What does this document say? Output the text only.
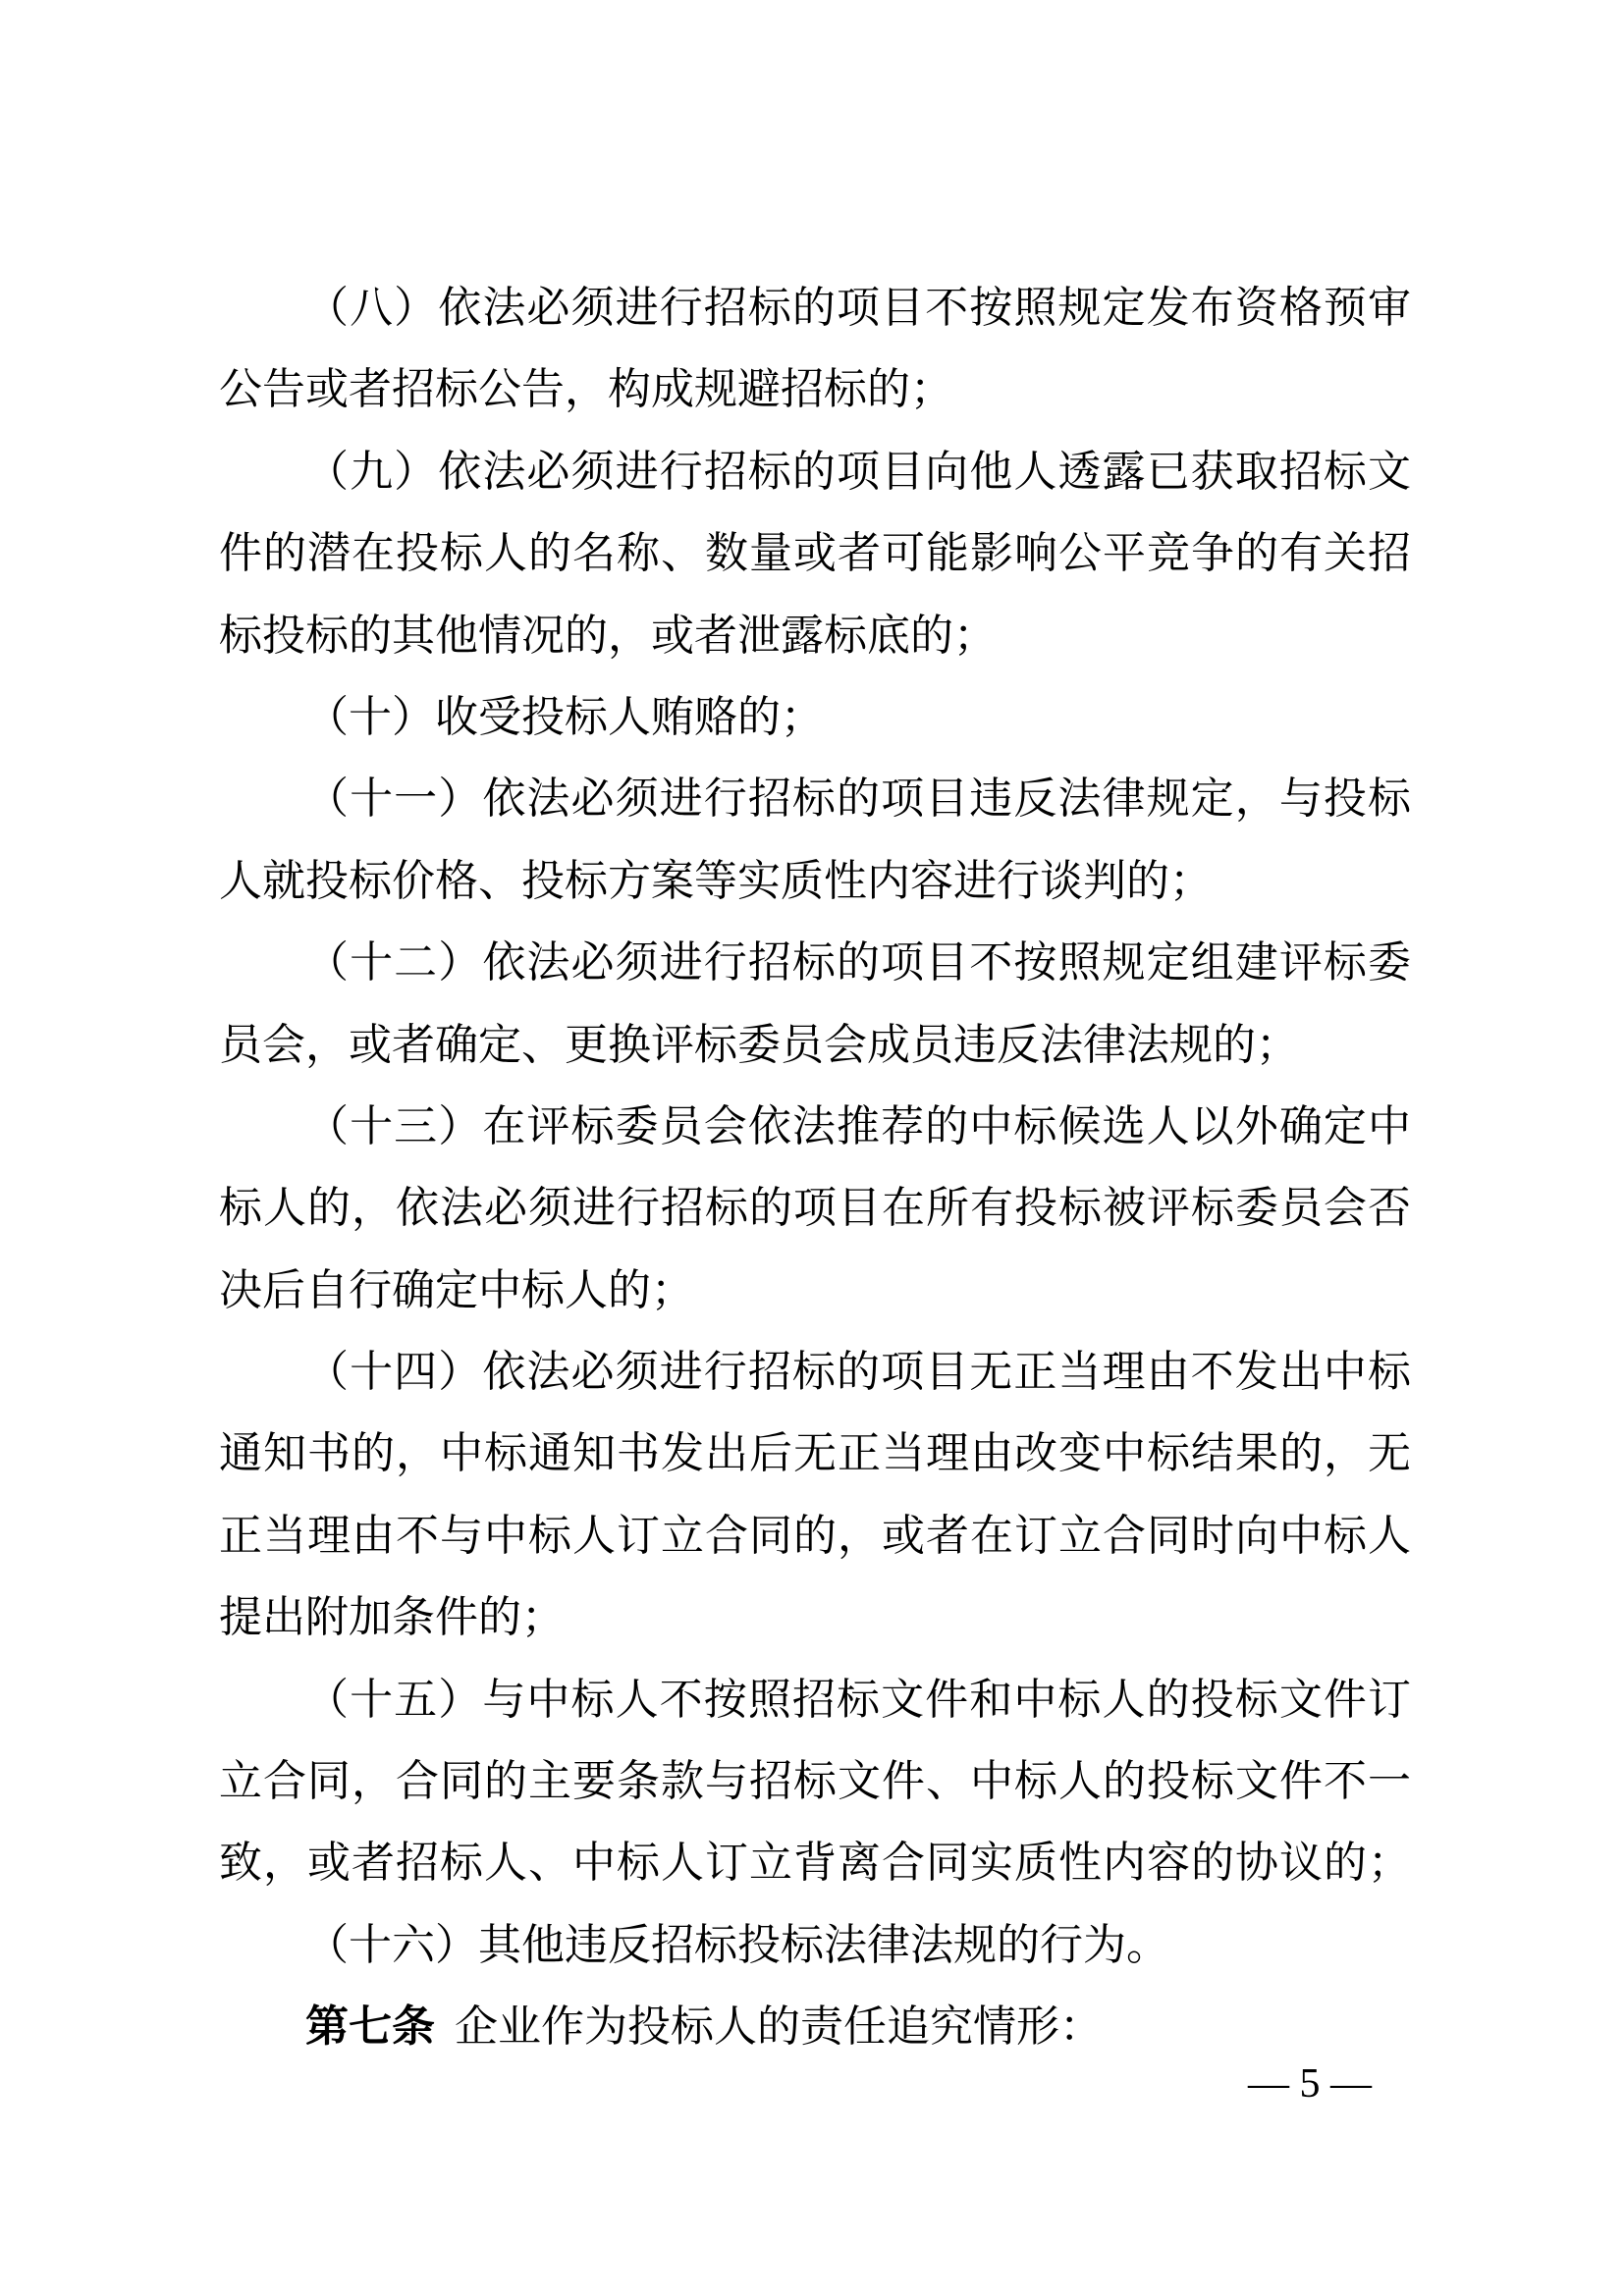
（八）依法必须进行招标的项目不按照规定发布资格预审
公告或者招标公告，构成规避招标的；
（九）依法必须进行招标的项目向他人透露已获取招标文
件的潜在投标人的名称、数量或者可能影响公平竞争的有关招
标投标的其他情况的，或者泄露标底的；
（十）收受投标人贿赂的；
（十一）依法必须进行招标的项目违反法律规定，与投标
人就投标价格、投标方案等实质性内容进行谈判的；
（十二）依法必须进行招标的项目不按照规定组建评标委
员会，或者确定、更换评标委员会成员违反法律法规的；
（十三）在评标委员会依法推荐的中标候选人以外确定中
标人的，依法必须进行招标的项目在所有投标被评标委员会否
决后自行确定中标人的；
（十四）依法必须进行招标的项目无正当理由不发出中标
通知书的，中标通知书发出后无正当理由改变中标结果的，无
正当理由不与中标人订立合同的，或者在订立合同时向中标人
提出附加条件的；
（十五）与中标人不按照招标文件和中标人的投标文件订
立合同，合同的主要条款与招标文件、中标人的投标文件不一
致，或者招标人、中标人订立背离合同实质性内容的协议的；
（十六）其他违反招标投标法律法规的行为。
第七条 企业作为投标人的责任追究情形：
— 5 —
